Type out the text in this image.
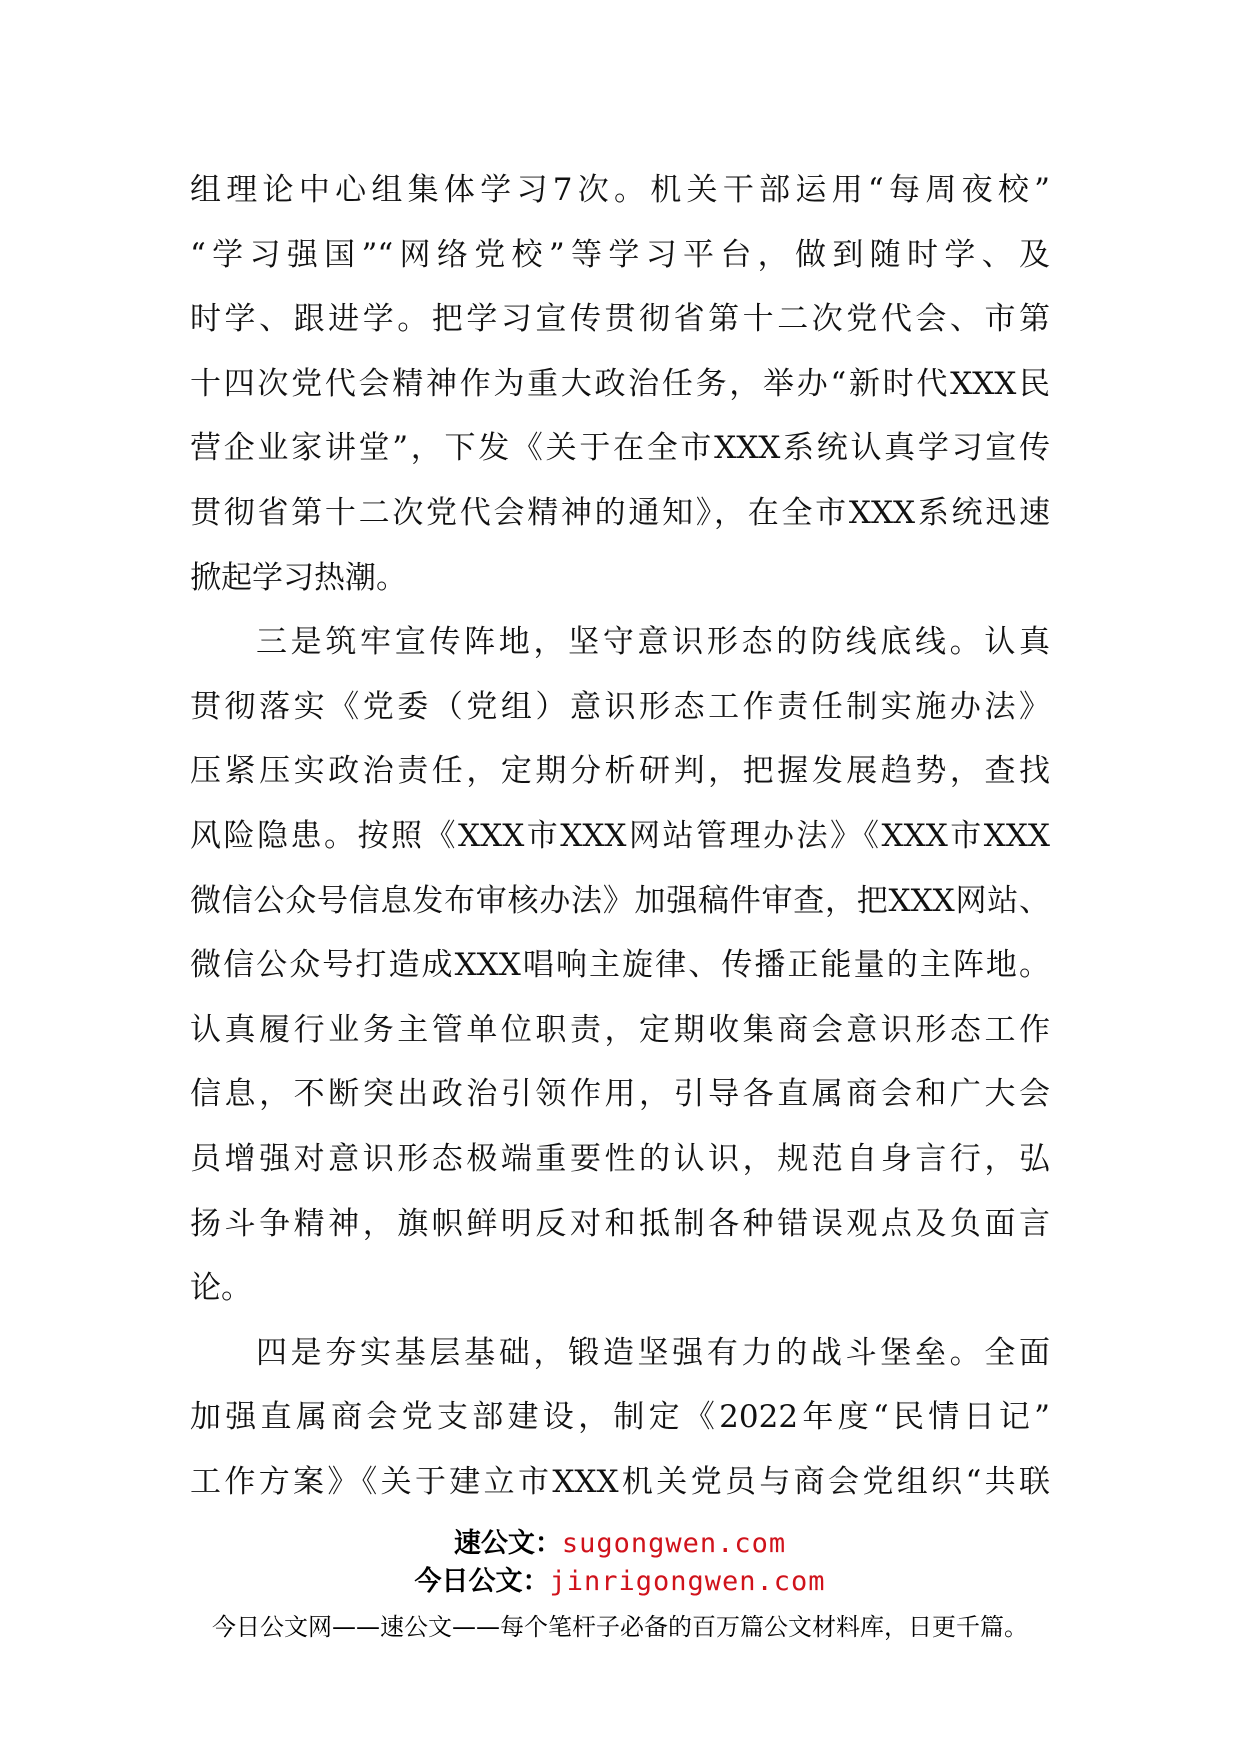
组理论中心组集体学习7次。机关干部运用“每周夜校”
“学习强国”“网络党校”等学习平台，做到随时学、及
时学、跟进学。把学习宣传贯彻省第十二次党代会、市第
十四次党代会精神作为重大政治任务，举办“新时代XXX民
营企业家讲堂”，下发《关于在全市XXX系统认真学习宣传
贯彻省第十二次党代会精神的通知》，在全市XXX系统迅速
掀起学习热潮。
三是筑牢宣传阵地，坚守意识形态的防线底线。认真
贯彻落实《党委（党组）意识形态工作责任制实施办法》
压紧压实政治责任，定期分析研判，把握发展趋势，查找
风险隐患。按照《XXX市XXX网站管理办法》《XXX市XXX
微信公众号信息发布审核办法》加强稿件审查，把XXX网站、
微信公众号打造成XXX唱响主旋律、传播正能量的主阵地。
认真履行业务主管单位职责，定期收集商会意识形态工作
信息，不断突出政治引领作用，引导各直属商会和广大会
员增强对意识形态极端重要性的认识，规范自身言行，弘
扬斗争精神，旗帜鲜明反对和抵制各种错误观点及负面言
论。
四是夯实基层基础，锻造坚强有力的战斗堡垒。全面
加强直属商会党支部建设，制定《2022年度“民情日记”
工作方案》《关于建立市XXX机关党员与商会党组织“共联
速公文：sugongwen.com
今日公文：jinrigongwen.com
今日公文网——速公文——每个笔杆子必备的百万篇公文材料库，日更千篇。
